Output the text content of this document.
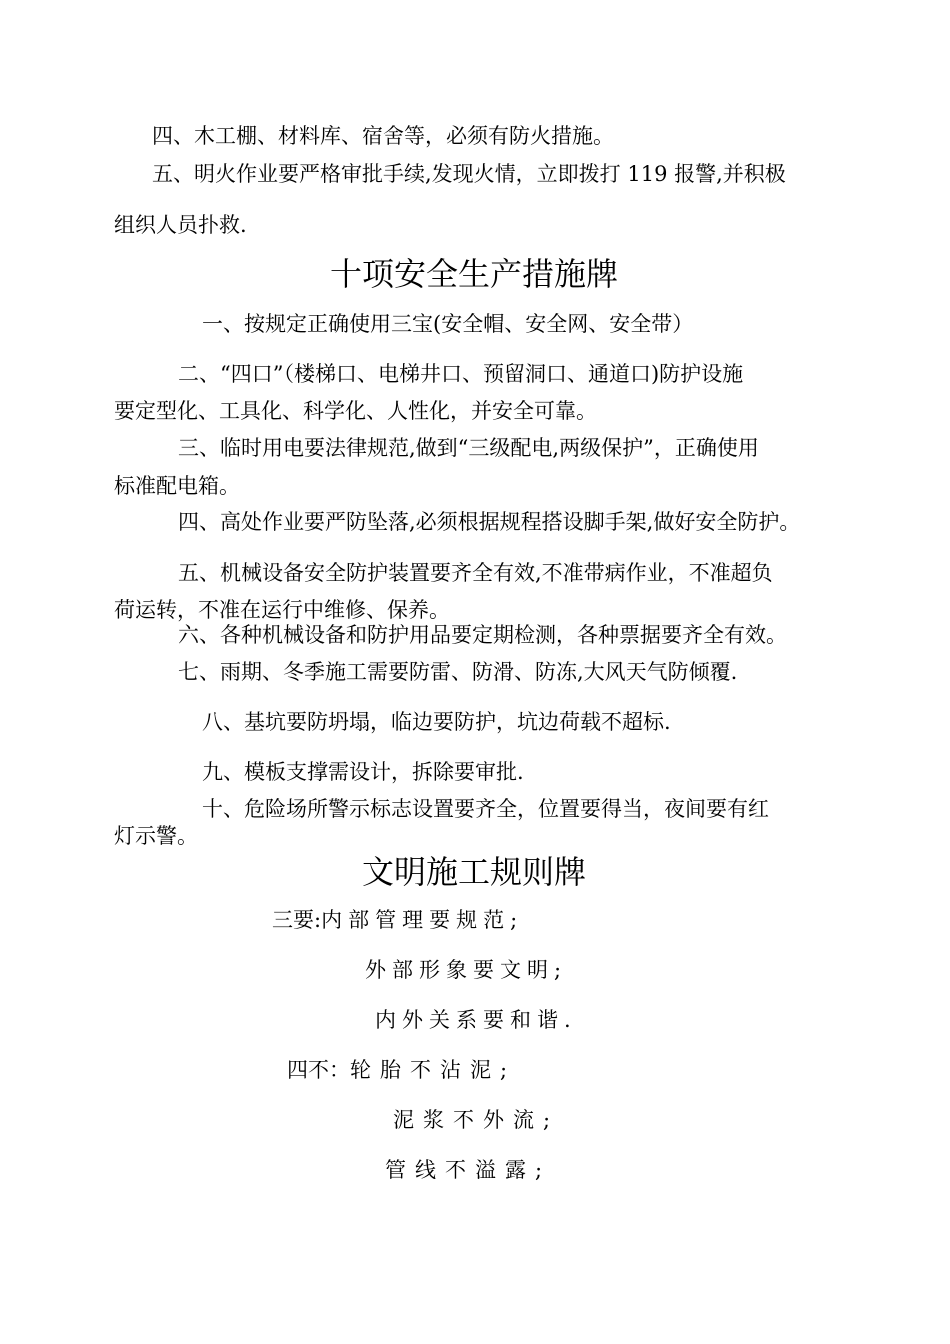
四、木工棚、材料库、宿舍等，必须有防火措施。
五、明火作业要严格审批手续,发现火情，立即拨打 119 报警,并积极
组织人员扑救.
十项安全生产措施牌
一、按规定正确使用三宝(安全帽、安全网、安全带）
二、“四口”（楼梯口、电梯井口、预留洞口、通道口)防护设施
要定型化、工具化、科学化、人性化，并安全可靠。
三、临时用电要法律规范,做到“三级配电,两级保护”，正确使用
标准配电箱。
四、高处作业要严防坠落,必须根据规程搭设脚手架,做好安全防护。
五、机械设备安全防护装置要齐全有效,不准带病作业，不准超负
荷运转，不准在运行中维修、保养。
六、各种机械设备和防护用品要定期检测，各种票据要齐全有效。
七、雨期、冬季施工需要防雷、防滑、防冻,大风天气防倾覆.
八、基坑要防坍塌，临边要防护，坑边荷载不超标.
九、模板支撑需设计，拆除要审批.
十、危险场所警示标志设置要齐全，位置要得当，夜间要有红
灯示警。
文明施工规则牌
三要:内部管理要规范;
外部形象要文明;
内外关系要和谐.
四不：轮胎不沾泥;
泥浆不外流;
管线不溢露;
